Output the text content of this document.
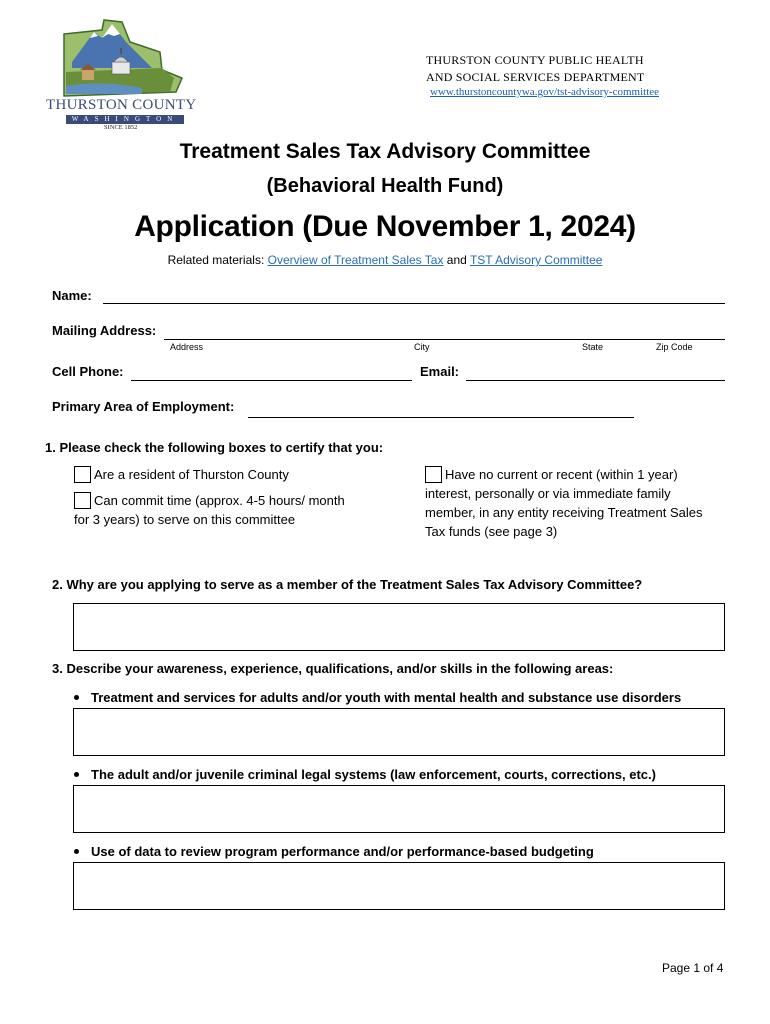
THURSTON COUNTY
WASHINGTON
SINCE 1852
THURSTON COUNTY PUBLIC HEALTH
AND SOCIAL SERVICES DEPARTMENT
www.thurstoncountywa.gov/tst-advisory-committee
Treatment Sales Tax Advisory Committee
(Behavioral Health Fund)
Application (Due November 1, 2024)
Related materials: Overview of Treatment Sales Tax and TST Advisory Committee
Name:
Mailing Address:
Address	City	State	Zip Code
Cell Phone:	Email:
Primary Area of Employment:
1. Please check the following boxes to certify that you:
Are a resident of Thurston County
Can commit time (approx. 4-5 hours/ month
for 3 years) to serve on this committee
Have no current or recent (within 1 year)
interest, personally or via immediate family
member, in any entity receiving Treatment Sales
Tax funds (see page 3)
2. Why are you applying to serve as a member of the Treatment Sales Tax Advisory Committee?
3. Describe your awareness, experience, qualifications, and/or skills in the following areas:
Treatment and services for adults and/or youth with mental health and substance use disorders
The adult and/or juvenile criminal legal systems (law enforcement, courts, corrections, etc.)
Use of data to review program performance and/or performance-based budgeting
Page 1 of 4
